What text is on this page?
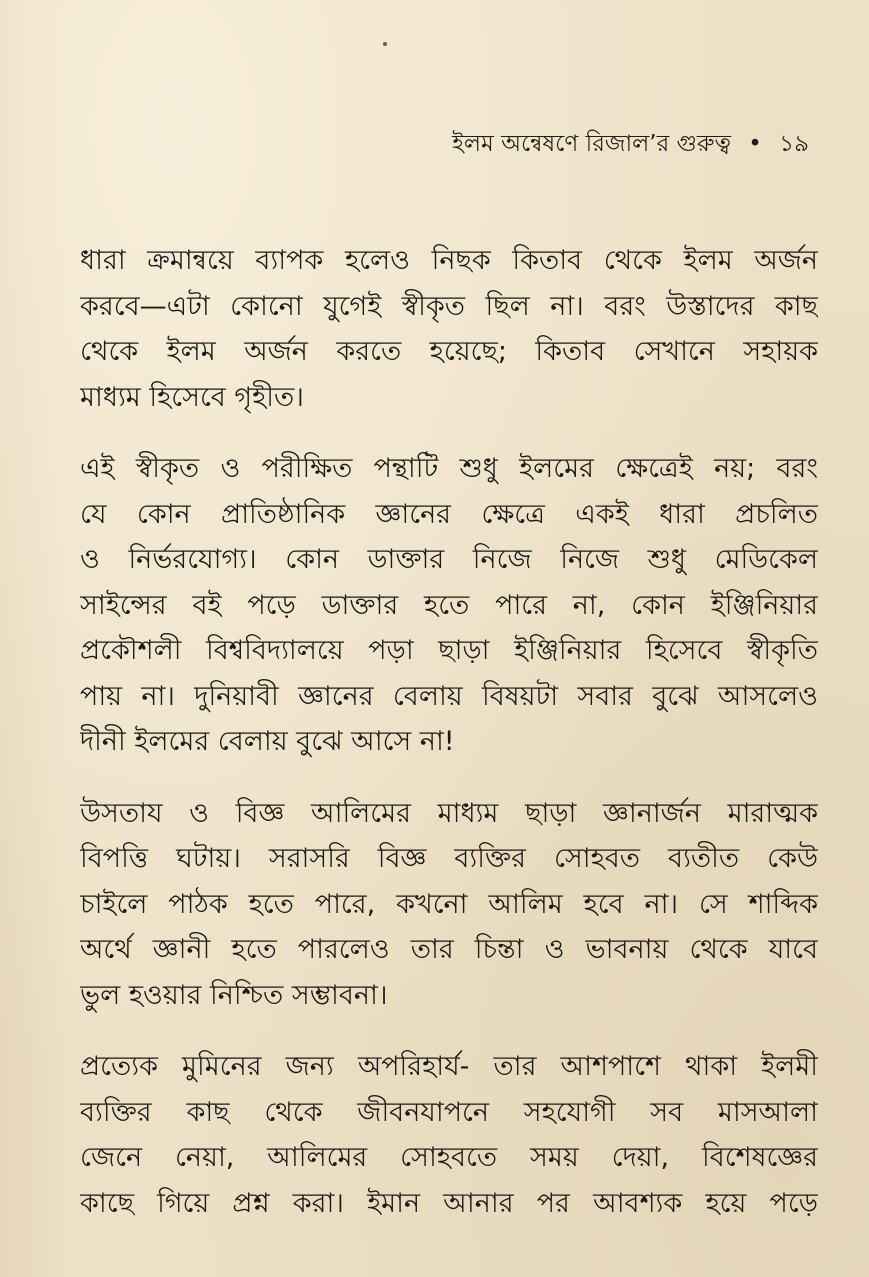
ইলম অন্বেষণে রিজাল’র গুরুত্ব • ১৯

ধারা ক্রমান্বয়ে ব্যাপক হলেও নিছক কিতাব থেকে ইলম অর্জন
করবে—এটা কোনো যুগেই স্বীকৃত ছিল না। বরং উস্তাদের কাছ
থেকে ইলম অর্জন করতে হয়েছে; কিতাব সেখানে সহায়ক
মাধ্যম হিসেবে গৃহীত।

এই স্বীকৃত ও পরীক্ষিত পন্থাটি শুধু ইলমের ক্ষেত্রেই নয়; বরং
যে কোন প্রাতিষ্ঠানিক জ্ঞানের ক্ষেত্রে একই ধারা প্রচলিত
ও নির্ভরযোগ্য। কোন ডাক্তার নিজে নিজে শুধু মেডিকেল
সাইন্সের বই পড়ে ডাক্তার হতে পারে না, কোন ইঞ্জিনিয়ার
প্রকৌশলী বিশ্ববিদ্যালয়ে পড়া ছাড়া ইঞ্জিনিয়ার হিসেবে স্বীকৃতি
পায় না। দুনিয়াবী জ্ঞানের বেলায় বিষয়টা সবার বুঝে আসলেও
দীনী ইলমের বেলায় বুঝে আসে না!

উসতায ও বিজ্ঞ আলিমের মাধ্যম ছাড়া জ্ঞানার্জন মারাত্মক
বিপত্তি ঘটায়। সরাসরি বিজ্ঞ ব্যক্তির সোহবত ব্যতীত কেউ
চাইলে পাঠক হতে পারে, কখনো আলিম হবে না। সে শাব্দিক
অর্থে জ্ঞানী হতে পারলেও তার চিন্তা ও ভাবনায় থেকে যাবে
ভুল হওয়ার নিশ্চিত সম্ভাবনা।

প্রত্যেক মুমিনের জন্য অপরিহার্য- তার আশপাশে থাকা ইলমী
ব্যক্তির কাছ থেকে জীবনযাপনে সহযোগী সব মাসআলা
জেনে নেয়া, আলিমের সোহবতে সময় দেয়া, বিশেষজ্ঞের
কাছে গিয়ে প্রশ্ন করা। ইমান আনার পর আবশ্যক হয়ে পড়ে
